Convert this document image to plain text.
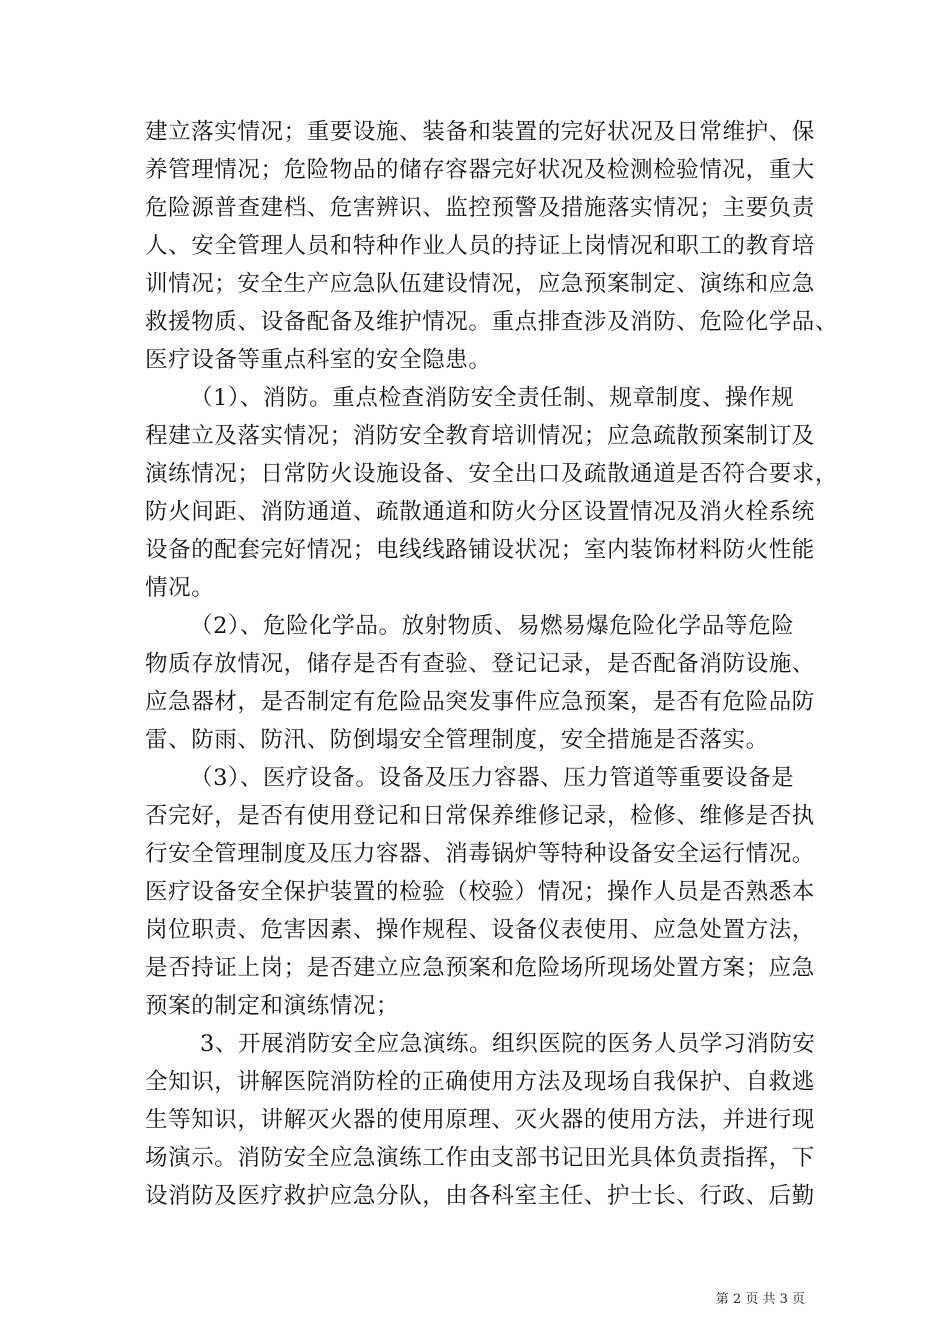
建立落实情况；重要设施、装备和装置的完好状况及日常维护、保
养管理情况；危险物品的储存容器完好状况及检测检验情况，重大
危险源普查建档、危害辨识、监控预警及措施落实情况；主要负责
人、安全管理人员和特种作业人员的持证上岗情况和职工的教育培
训情况；安全生产应急队伍建设情况，应急预案制定、演练和应急
救援物质、设备配备及维护情况。重点排查涉及消防、危险化学品、
医疗设备等重点科室的安全隐患。
（1）、消防。重点检查消防安全责任制、规章制度、操作规
程建立及落实情况；消防安全教育培训情况；应急疏散预案制订及
演练情况；日常防火设施设备、安全出口及疏散通道是否符合要求，
防火间距、消防通道、疏散通道和防火分区设置情况及消火栓系统
设备的配套完好情况；电线线路铺设状况；室内装饰材料防火性能
情况。
（2）、危险化学品。放射物质、易燃易爆危险化学品等危险
物质存放情况，储存是否有查验、登记记录，是否配备消防设施、
应急器材，是否制定有危险品突发事件应急预案，是否有危险品防
雷、防雨、防汛、防倒塌安全管理制度，安全措施是否落实。
（3）、医疗设备。设备及压力容器、压力管道等重要设备是
否完好，是否有使用登记和日常保养维修记录，检修、维修是否执
行安全管理制度及压力容器、消毒锅炉等特种设备安全运行情况。
医疗设备安全保护装置的检验（校验）情况；操作人员是否熟悉本
岗位职责、危害因素、操作规程、设备仪表使用、应急处置方法，
是否持证上岗；是否建立应急预案和危险场所现场处置方案；应急
预案的制定和演练情况；
3、开展消防安全应急演练。组织医院的医务人员学习消防安
全知识，讲解医院消防栓的正确使用方法及现场自我保护、自救逃
生等知识，讲解灭火器的使用原理、灭火器的使用方法，并进行现
场演示。消防安全应急演练工作由支部书记田光具体负责指挥，下
设消防及医疗救护应急分队，由各科室主任、护士长、行政、后勤
第 2 页 共 3 页
